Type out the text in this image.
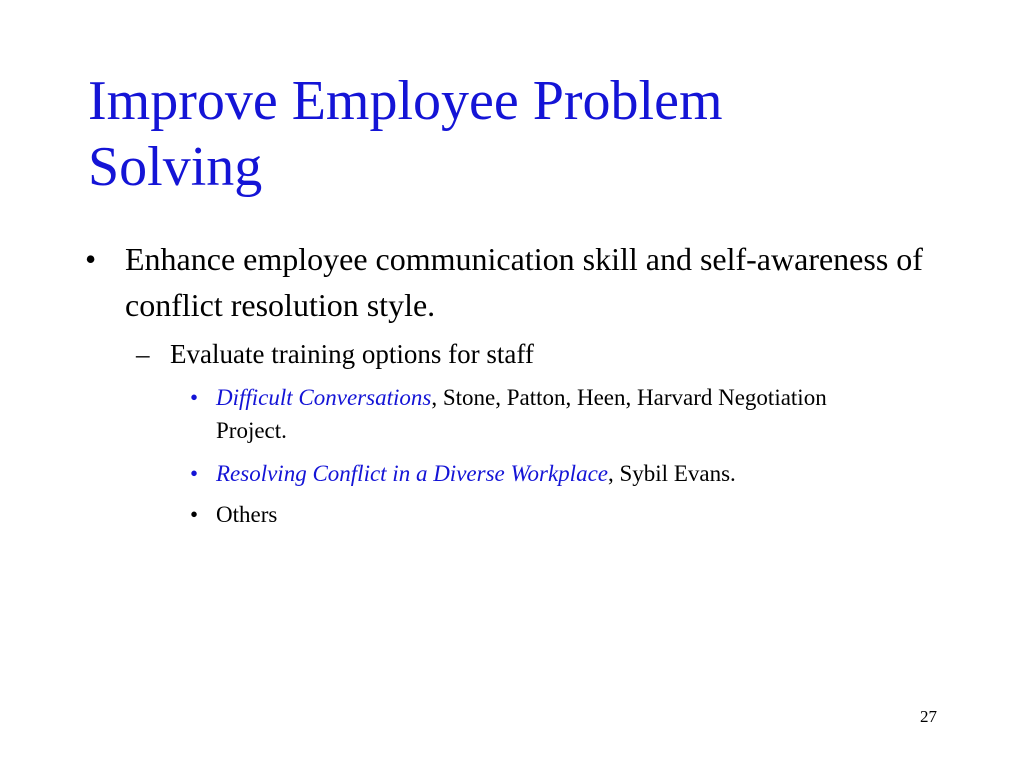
Improve Employee Problem
Solving
• Enhance employee communication skill and self-awareness of conflict resolution style.
– Evaluate training options for staff
• Difficult Conversations, Stone, Patton, Heen, Harvard Negotiation Project.
• Resolving Conflict in a Diverse Workplace, Sybil Evans.
• Others
27
